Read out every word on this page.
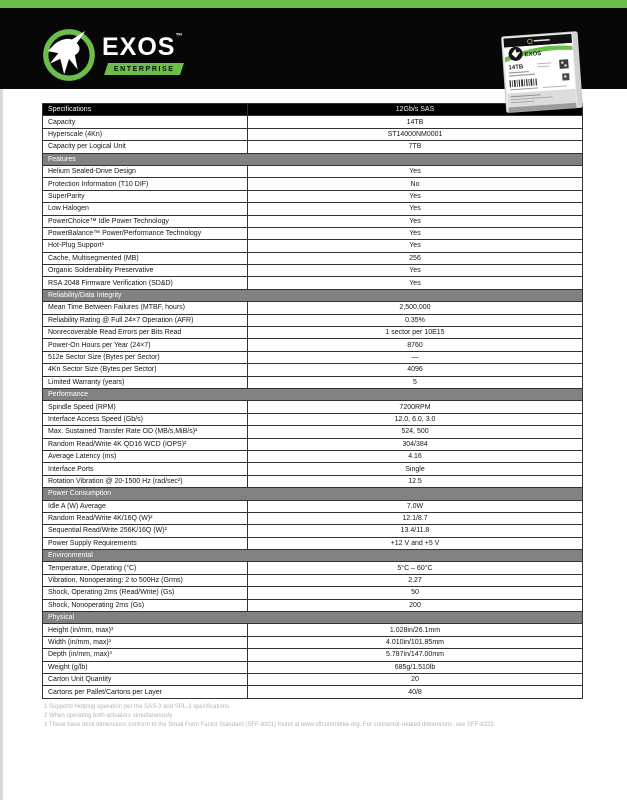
EXOS™
ENTERPRISE
EXOS
14TB
Specifications	12Gb/s SAS
Capacity	14TB
Hyperscale (4Kn)	ST14000NM0001
Capacity per Logical Unit	7TB
Features	
Helium Sealed-Drive Design	Yes
Protection Information (T10 DIF)	No
SuperParity	Yes
Low Halogen	Yes
PowerChoice™ Idle Power Technology	Yes
PowerBalance™ Power/Performance Technology	Yes
Hot-Plug Support¹	Yes
Cache, Multisegmented (MB)	256
Organic Solderability Preservative	Yes
RSA 2048 Firmware Verification (SD&D)	Yes
Reliability/Data Integrity	
Mean Time Between Failures (MTBF, hours)	2,500,000
Reliability Rating @ Full 24×7 Operation (AFR)	0.35%
Nonrecoverable Read Errors per Bits Read	1 sector per 10E15
Power-On Hours per Year (24×7)	8760
512e Sector Size (Bytes per Sector)	—
4Kn Sector Size (Bytes per Sector)	4096
Limited Warranty (years)	5
Performance	
Spindle Speed (RPM)	7200RPM
Interface Access Speed (Gb/s)	12.0, 6.0, 3.0
Max. Sustained Transfer Rate OD (MB/s,MiB/s)²	524, 500
Random Read/Write 4K QD16 WCD (IOPS)²	304/384
Average Latency (ms)	4.16
Interface Ports	Single
Rotation Vibration @ 20-1500 Hz (rad/sec²)	12.5
Power Consumption	
Idle A (W) Average	7.0W
Random Read/Write 4K/16Q (W)²	12.1/8.7
Sequential Read/Write 256K/16Q (W)²	13.4/11.8
Power Supply Requirements	+12 V and +5 V
Environmental	
Temperature, Operating (°C)	5°C – 60°C
Vibration, Nonoperating: 2 to 500Hz (Grms)	2.27
Shock, Operating 2ms (Read/Write) (Gs)	50
Shock, Nonoperating 2ms (Gs)	200
Physical	
Height (in/mm, max)³	1.028in/26.1mm
Width (in/mm, max)³	4.010in/101.85mm
Depth (in/mm, max)³	5.787in/147.00mm
Weight (g/lb)	685g/1.510lb
Carton Unit Quantity	20
Cartons per Pallet/Cartons per Layer	40/8
1 Supports Hotplug operation per the SAS-3 and SPL-3 specifications
2 When operating both actuators simultaneously
3 These base deck dimensions conform to the Small Form Factor Standard (SFF-8301) found at www.sffcommittee.org. For connector-related dimensions, see SFF-8323.
